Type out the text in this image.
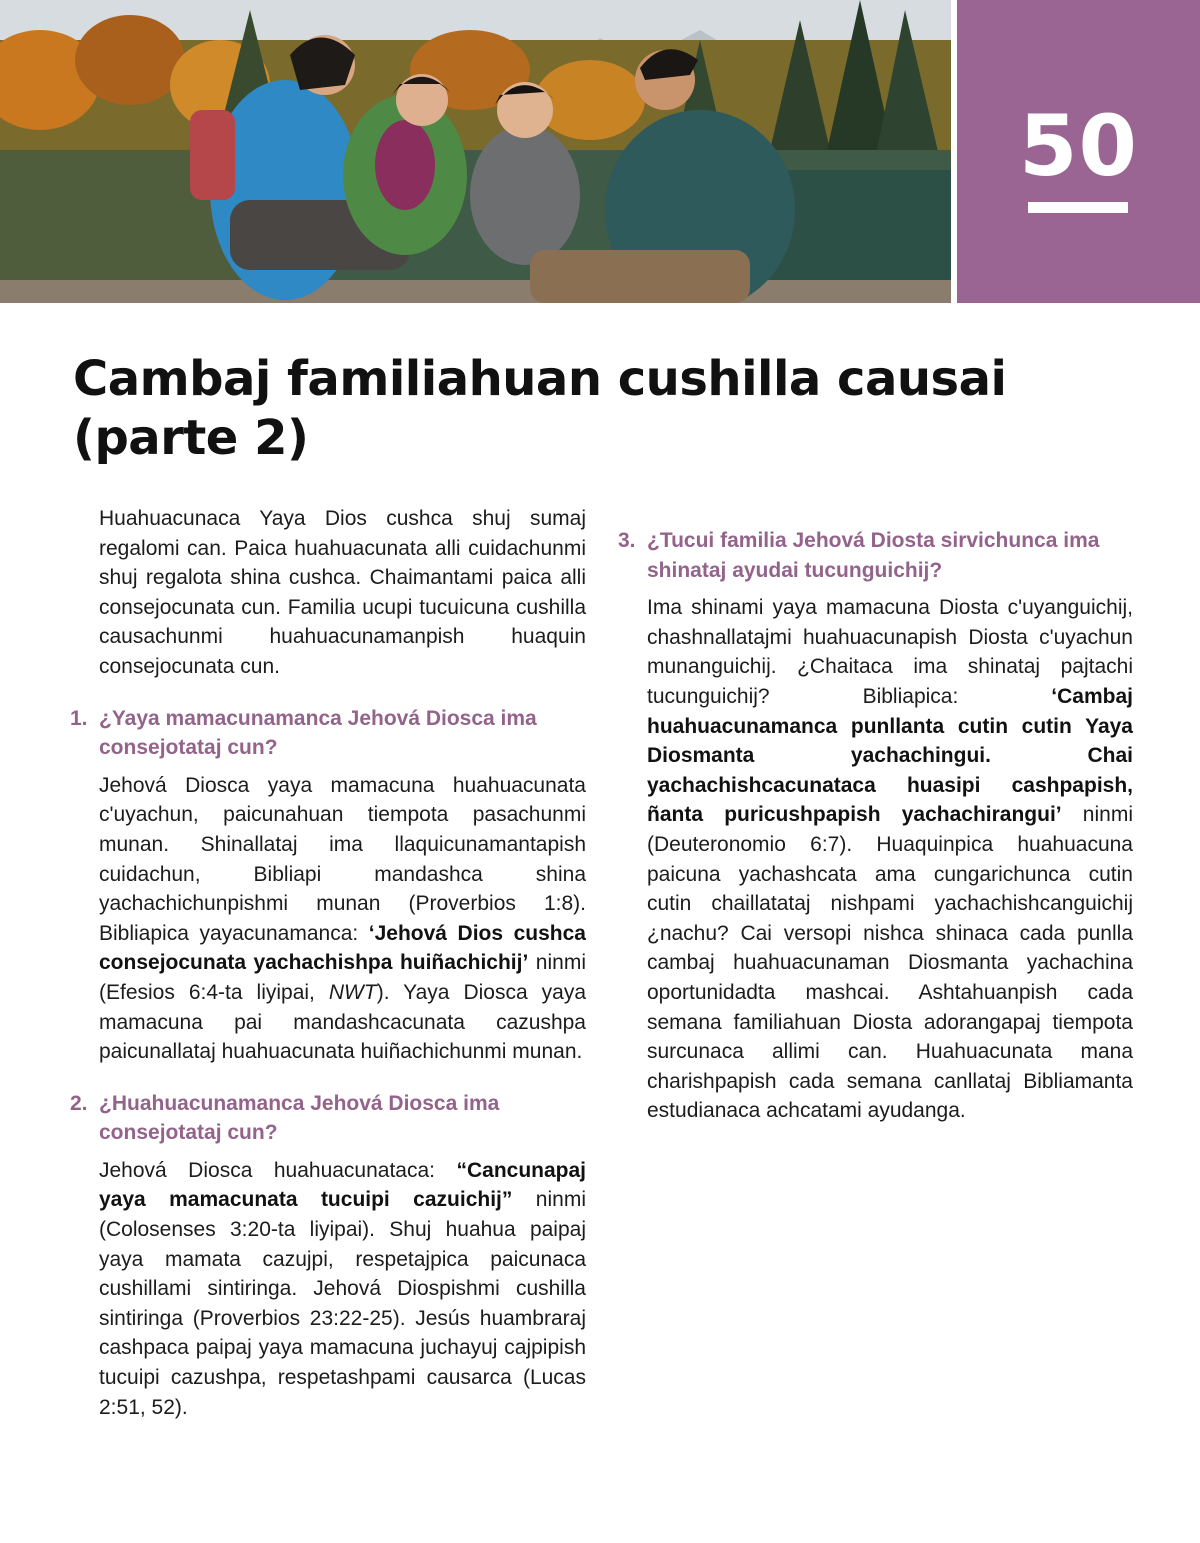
50
Cambaj familiahuan cushilla causai
(parte 2)

Huahuacunaca Yaya Dios cushca shuj sumaj regalomi can. Paica huahuacunata alli cuidachunmi shuj regalota shina cushca. Chaimantami paica alli consejocunata cun. Familia ucupi tucuicuna cushilla causachunmi huahuacunamanpish huaquin consejocunata cun.

1. ¿Yaya mamacunamanca Jehová Diosca ima consejotataj cun?

Jehová Diosca yaya mamacuna huahuacunata c'uyachun, paicunahuan tiempota pasachunmi munan. Shinallataj ima llaquicunamantapish cuidachun, Bibliapi mandashca shina yachachichunpishmi munan (Proverbios 1:8). Bibliapica yayacunamanca: ‘Jehová Dios cushca consejocunata yachachishpa huiñachichij’ ninmi (Efesios 6:4-ta liyipai, NWT). Yaya Diosca yaya mamacuna pai mandashcacunata cazushpa paicunallataj huahuacunata huiñachichunmi munan.

2. ¿Huahuacunamanca Jehová Diosca ima consejotataj cun?

Jehová Diosca huahuacunataca: “Cancunapaj yaya mamacunata tucuipi cazuichij” ninmi (Colosenses 3:20-ta liyipai). Shuj huahua paipaj yaya mamata cazujpi, respetajpica paicunaca cushillami sintiringa. Jehová Diospishmi cushilla sintiringa (Proverbios 23:22-25). Jesús huambraraj cashpaca paipaj yaya mamacuna juchayuj cajpipish tucuipi cazushpa, respetashpami causarca (Lucas 2:51, 52).

3. ¿Tucui familia Jehová Diosta sirvichunca ima shinataj ayudai tucunguichij?

Ima shinami yaya mamacuna Diosta c'uyanguichij, chashnallatajmi huahuacunapish Diosta c'uyachun munanguichij. ¿Chaitaca ima shinataj pajtachi tucunguichij? Bibliapica: ‘Cambaj huahuacunamanca punllanta cutin cutin Yaya Diosmanta yachachingui. Chai yachachishcacunataca huasipi cashpapish, ñanta puricushpapish yachachirangui’ ninmi (Deuteronomio 6:7). Huaquinpica huahuacuna paicuna yachashcata ama cungarichunca cutin cutin chaillatataj nishpami yachachishcanguichij ¿nachu? Cai versopi nishca shinaca cada punlla cambaj huahuacunaman Diosmanta yachachina oportunidadta mashcai. Ashtahuanpish cada semana familiahuan Diosta adorangapaj tiempota surcunaca allimi can. Huahuacunata mana charishpapish cada semana canllataj Bibliamanta estudianaca achcatami ayudanga.
